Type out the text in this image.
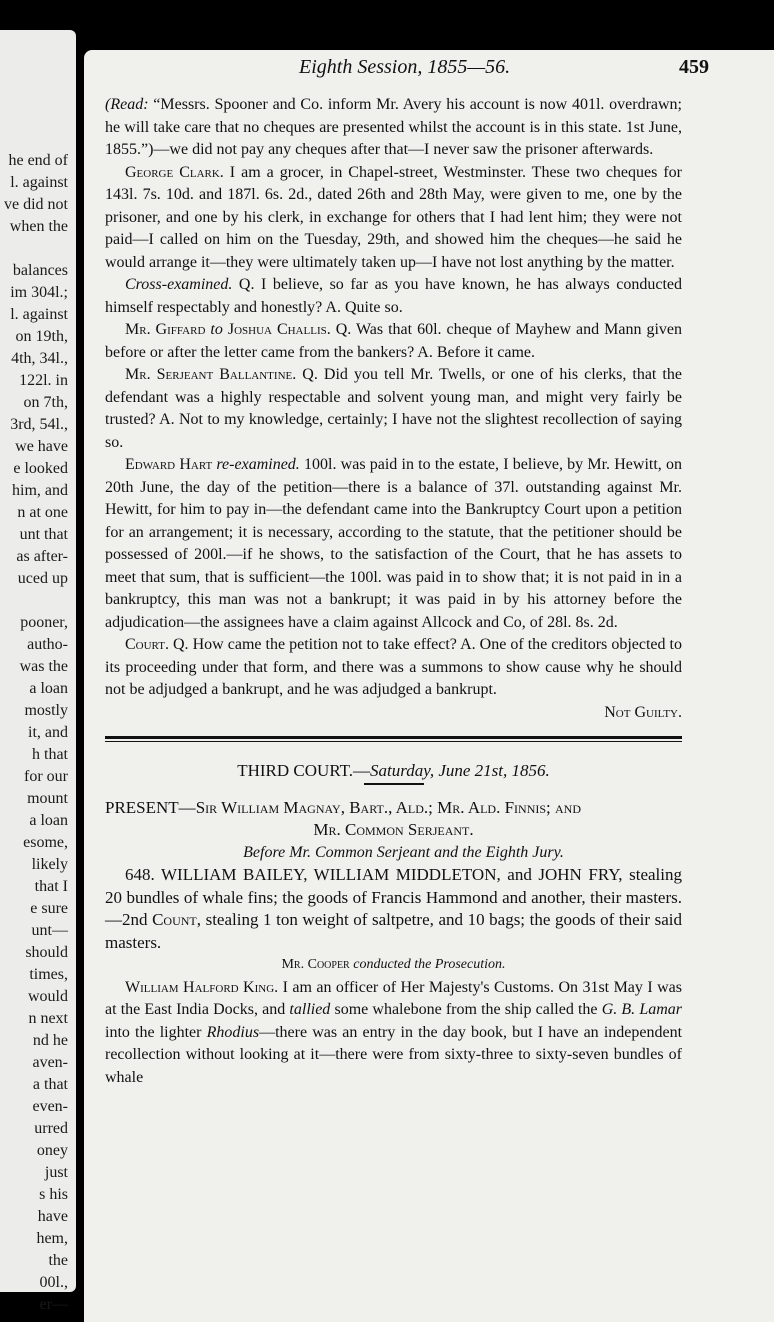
he end of
l. against
ve did not
when the
balances
im 304l.;
l. against
on 19th,
4th, 34l.,
122l. in
on 7th,
3rd, 54l.,
we have
e looked
him, and
n at one
unt that
as after-
uced up
pooner,
autho-
was the
a loan
mostly
it, and
h that
for our
mount
a loan
esome,
likely
that I
e sure
unt—
should
times,
would
n next
nd he
aven-
a that
even-
urred
oney
just
s his
have
hem,
the
00l.,
er—
Eighth Session, 1855—56.	459

(Read: “Messrs. Spooner and Co. inform Mr. Avery his account is now 401l. overdrawn; he will take care that no cheques are presented whilst the account is in this state. 1st June, 1855.”)—we did not pay any cheques after that—I never saw the prisoner afterwards.

George Clark. I am a grocer, in Chapel-street, Westminster. These two cheques for 143l. 7s. 10d. and 187l. 6s. 2d., dated 26th and 28th May, were given to me, one by the prisoner, and one by his clerk, in exchange for others that I had lent him; they were not paid—I called on him on the Tuesday, 29th, and showed him the cheques—he said he would arrange it—they were ultimately taken up—I have not lost anything by the matter.

Cross-examined. Q. I believe, so far as you have known, he has always conducted himself respectably and honestly? A. Quite so.

Mr. Giffard to Joshua Challis. Q. Was that 60l. cheque of Mayhew and Mann given before or after the letter came from the bankers? A. Before it came.

Mr. Serjeant Ballantine. Q. Did you tell Mr. Twells, or one of his clerks, that the defendant was a highly respectable and solvent young man, and might very fairly be trusted? A. Not to my knowledge, certainly; I have not the slightest recollection of saying so.

Edward Hart re-examined. 100l. was paid in to the estate, I believe, by Mr. Hewitt, on 20th June, the day of the petition—there is a balance of 37l. outstanding against Mr. Hewitt, for him to pay in—the defendant came into the Bankruptcy Court upon a petition for an arrangement; it is necessary, according to the statute, that the petitioner should be possessed of 200l.—if he shows, to the satisfaction of the Court, that he has assets to meet that sum, that is sufficient—the 100l. was paid in to show that; it is not paid in in a bankruptcy, this man was not a bankrupt; it was paid in by his attorney before the adjudication—the assignees have a claim against Allcock and Co, of 28l. 8s. 2d.

Court. Q. How came the petition not to take effect? A. One of the creditors objected to its proceeding under that form, and there was a summons to show cause why he should not be adjudged a bankrupt, and he was adjudged a bankrupt.

Not Guilty.

THIRD COURT.—Saturday, June 21st, 1856.

PRESENT—Sir William Magnay, Bart., Ald.; Mr. Ald. Finnis; and

Mr. Common Serjeant.

Before Mr. Common Serjeant and the Eighth Jury.

648. WILLIAM BAILEY, WILLIAM MIDDLETON, and JOHN FRY, stealing 20 bundles of whale fins; the goods of Francis Hammond and another, their masters.—2nd Count, stealing 1 ton weight of saltpetre, and 10 bags; the goods of their said masters.

Mr. Cooper conducted the Prosecution.

William Halford King. I am an officer of Her Majesty's Customs. On 31st May I was at the East India Docks, and tallied some whalebone from the ship called the G. B. Lamar into the lighter Rhodius—there was an entry in the day book, but I have an independent recollection without looking at it—there were from sixty-three to sixty-seven bundles of whale
